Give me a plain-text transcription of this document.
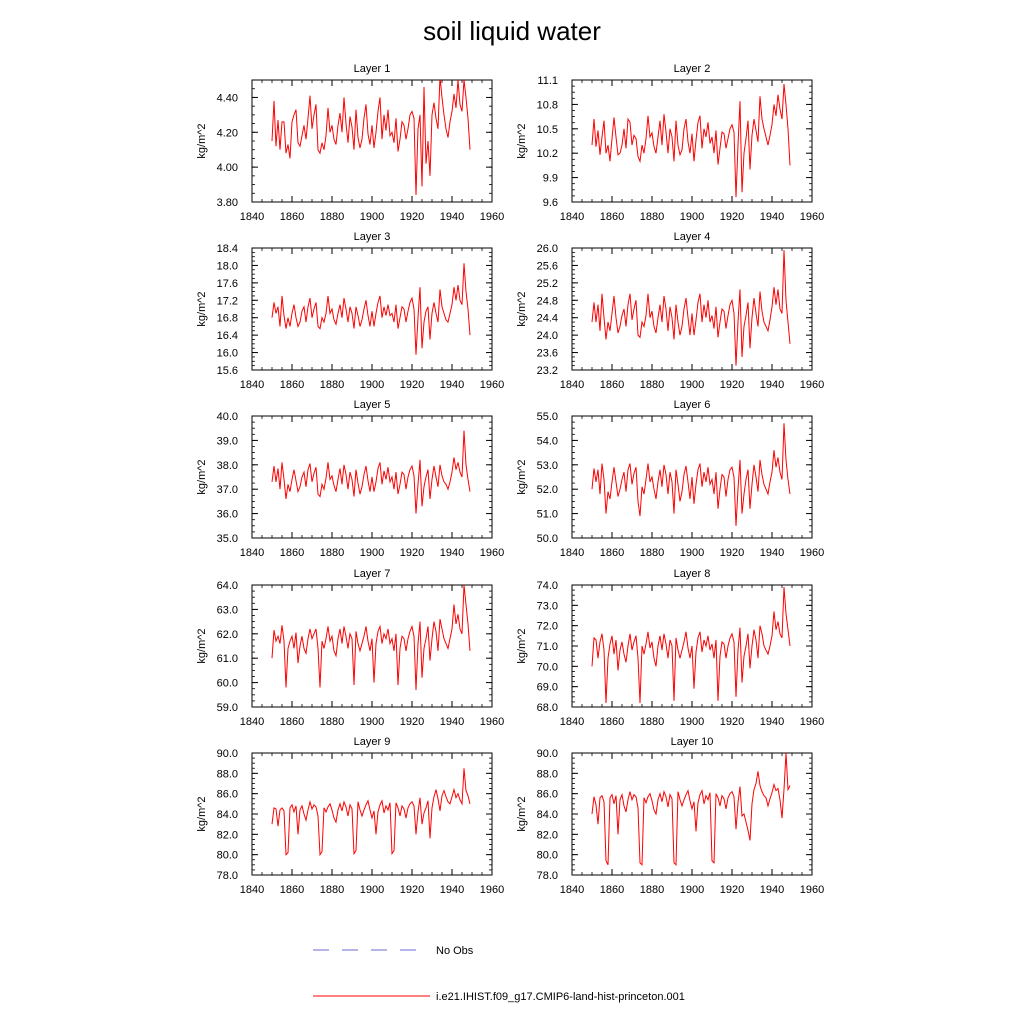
soil liquid water
Layer 1
1840 1860 1880 1900 1920 1940 1960
3.80
4.00
4.20
4.40
kg/m^2
Layer 2
1840 1860 1880 1900 1920 1940 1960
9.6
9.9
10.2
10.5
10.8
11.1
kg/m^2
Layer 3
1840 1860 1880 1900 1920 1940 1960
15.6
16.0
16.4
16.8
17.2
17.6
18.0
18.4
kg/m^2
Layer 4
1840 1860 1880 1900 1920 1940 1960
23.2
23.6
24.0
24.4
24.8
25.2
25.6
26.0
kg/m^2
Layer 5
1840 1860 1880 1900 1920 1940 1960
35.0
36.0
37.0
38.0
39.0
40.0
kg/m^2
Layer 6
1840 1860 1880 1900 1920 1940 1960
50.0
51.0
52.0
53.0
54.0
55.0
kg/m^2
Layer 7
1840 1860 1880 1900 1920 1940 1960
59.0
60.0
61.0
62.0
63.0
64.0
kg/m^2
Layer 8
1840 1860 1880 1900 1920 1940 1960
68.0
69.0
70.0
71.0
72.0
73.0
74.0
kg/m^2
Layer 9
1840 1860 1880 1900 1920 1940 1960
78.0
80.0
82.0
84.0
86.0
88.0
90.0
kg/m^2
Layer 10
1840 1860 1880 1900 1920 1940 1960
78.0
80.0
82.0
84.0
86.0
88.0
90.0
kg/m^2
No Obs
i.e21.IHIST.f09_g17.CMIP6-land-hist-princeton.001
